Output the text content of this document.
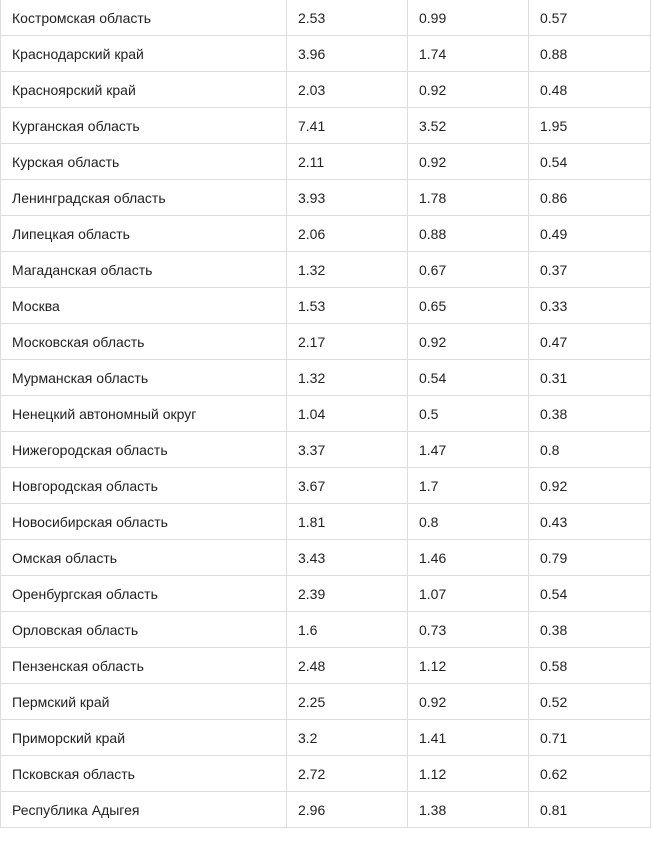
Костромская область	2.53	0.99	0.57
Краснодарский край	3.96	1.74	0.88
Красноярский край	2.03	0.92	0.48
Курганская область	7.41	3.52	1.95
Курская область	2.11	0.92	0.54
Ленинградская область	3.93	1.78	0.86
Липецкая область	2.06	0.88	0.49
Магаданская область	1.32	0.67	0.37
Москва	1.53	0.65	0.33
Московская область	2.17	0.92	0.47
Мурманская область	1.32	0.54	0.31
Ненецкий автономный округ	1.04	0.5	0.38
Нижегородская область	3.37	1.47	0.8
Новгородская область	3.67	1.7	0.92
Новосибирская область	1.81	0.8	0.43
Омская область	3.43	1.46	0.79
Оренбургская область	2.39	1.07	0.54
Орловская область	1.6	0.73	0.38
Пензенская область	2.48	1.12	0.58
Пермский край	2.25	0.92	0.52
Приморский край	3.2	1.41	0.71
Псковская область	2.72	1.12	0.62
Республика Адыгея	2.96	1.38	0.81
